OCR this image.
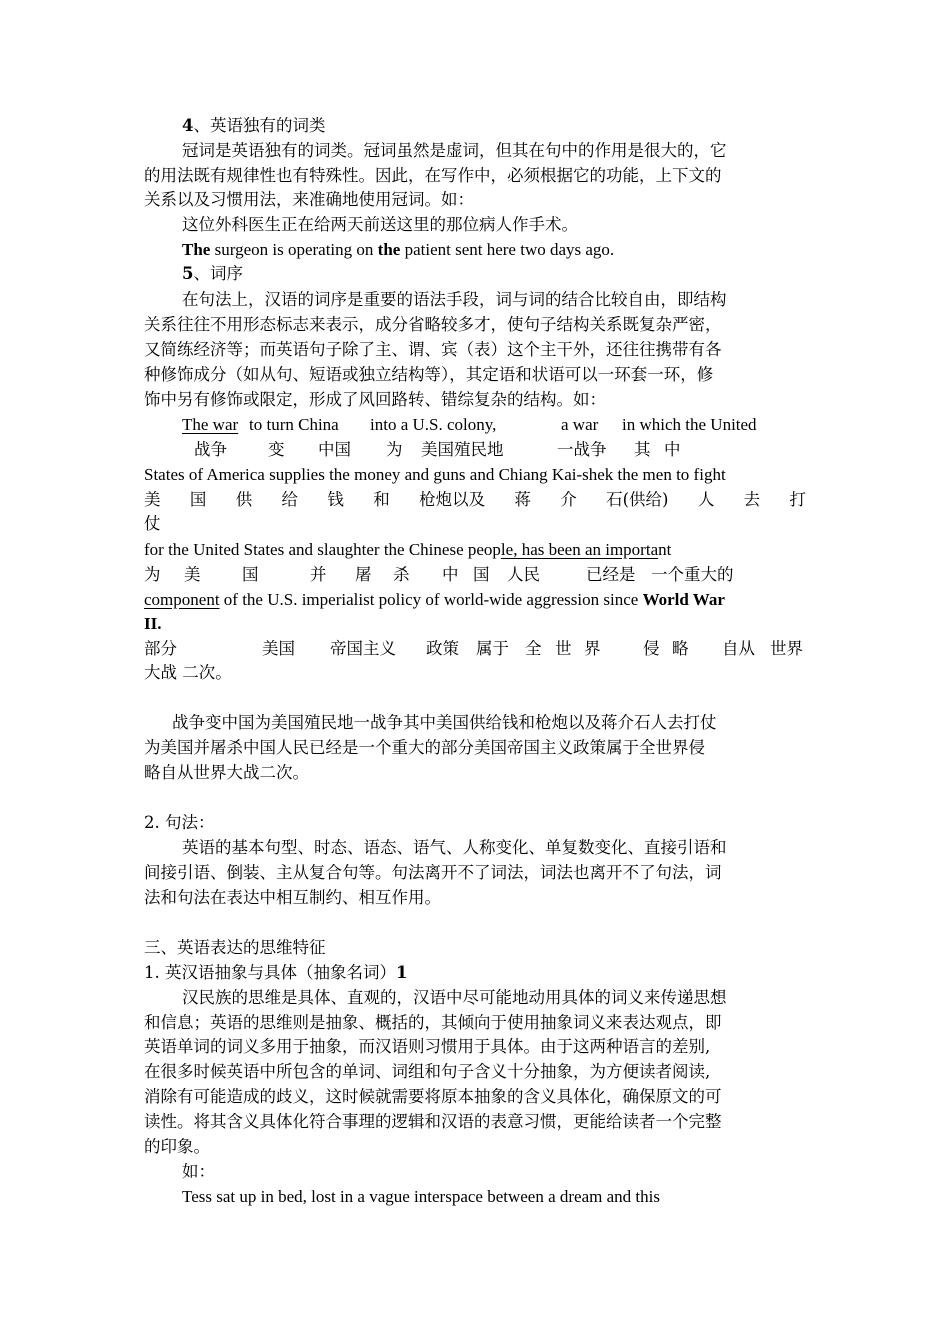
4、英语独有的词类
冠词是英语独有的词类。冠词虽然是虚词，但其在句中的作用是很大的，它
的用法既有规律性也有特殊性。因此，在写作中，必须根据它的功能，上下文的
关系以及习惯用法，来准确地使用冠词。如：
这位外科医生正在给两天前送这里的那位病人作手术。
The surgeon is operating on the patient sent here two days ago.
5、词序
在句法上，汉语的词序是重要的语法手段，词与词的结合比较自由，即结构
关系往往不用形态标志来表示，成分省略较多才，使句子结构关系既复杂严密，
又简练经济等；而英语句子除了主、谓、宾（表）这个主干外，还往往携带有各
种修饰成分（如从句、短语或独立结构等），其定语和状语可以一环套一环，修
饰中另有修饰或限定，形成了风回路转、错综复杂的结构。如：
The war to turn China into a U.S. colony,	a war in which the United
战争 变 中国 为 美国殖民地	一战争 其 中
States of America supplies the money and guns and Chiang Kai-shek the men to fight
美 国 供 给 钱 和 枪炮以及 蒋 介 石(供给) 人 去 打
仗
for the United States and slaughter the Chinese people, has been an important
为 美	国	并 屠 杀 中 国 人民	已经是 一个重大的
component of the U.S. imperialist policy of world-wide aggression since World War
II.
部分	美国 帝国主义 政策 属于 全 世 界	侵 略 自从 世界
大战 二次。
战争变中国为美国殖民地一战争其中美国供给钱和枪炮以及蒋介石人去打仗
为美国并屠杀中国人民已经是一个重大的部分美国帝国主义政策属于全世界侵
略自从世界大战二次。
2. 句法：
英语的基本句型、时态、语态、语气、人称变化、单复数变化、直接引语和
间接引语、倒装、主从复合句等。句法离开不了词法，词法也离开不了句法，词
法和句法在表达中相互制约、相互作用。
三、英语表达的思维特征
1. 英汉语抽象与具体（抽象名词）1
汉民族的思维是具体、直观的，汉语中尽可能地动用具体的词义来传递思想
和信息；英语的思维则是抽象、概括的，其倾向于使用抽象词义来表达观点，即
英语单词的词义多用于抽象，而汉语则习惯用于具体。由于这两种语言的差别,
在很多时候英语中所包含的单词、词组和句子含义十分抽象，为方便读者阅读,
消除有可能造成的歧义，这时候就需要将原本抽象的含义具体化，确保原文的可
读性。将其含义具体化符合事理的逻辑和汉语的表意习惯，更能给读者一个完整
的印象。
如：
Tess sat up in bed, lost in a vague interspace between a dream and this
